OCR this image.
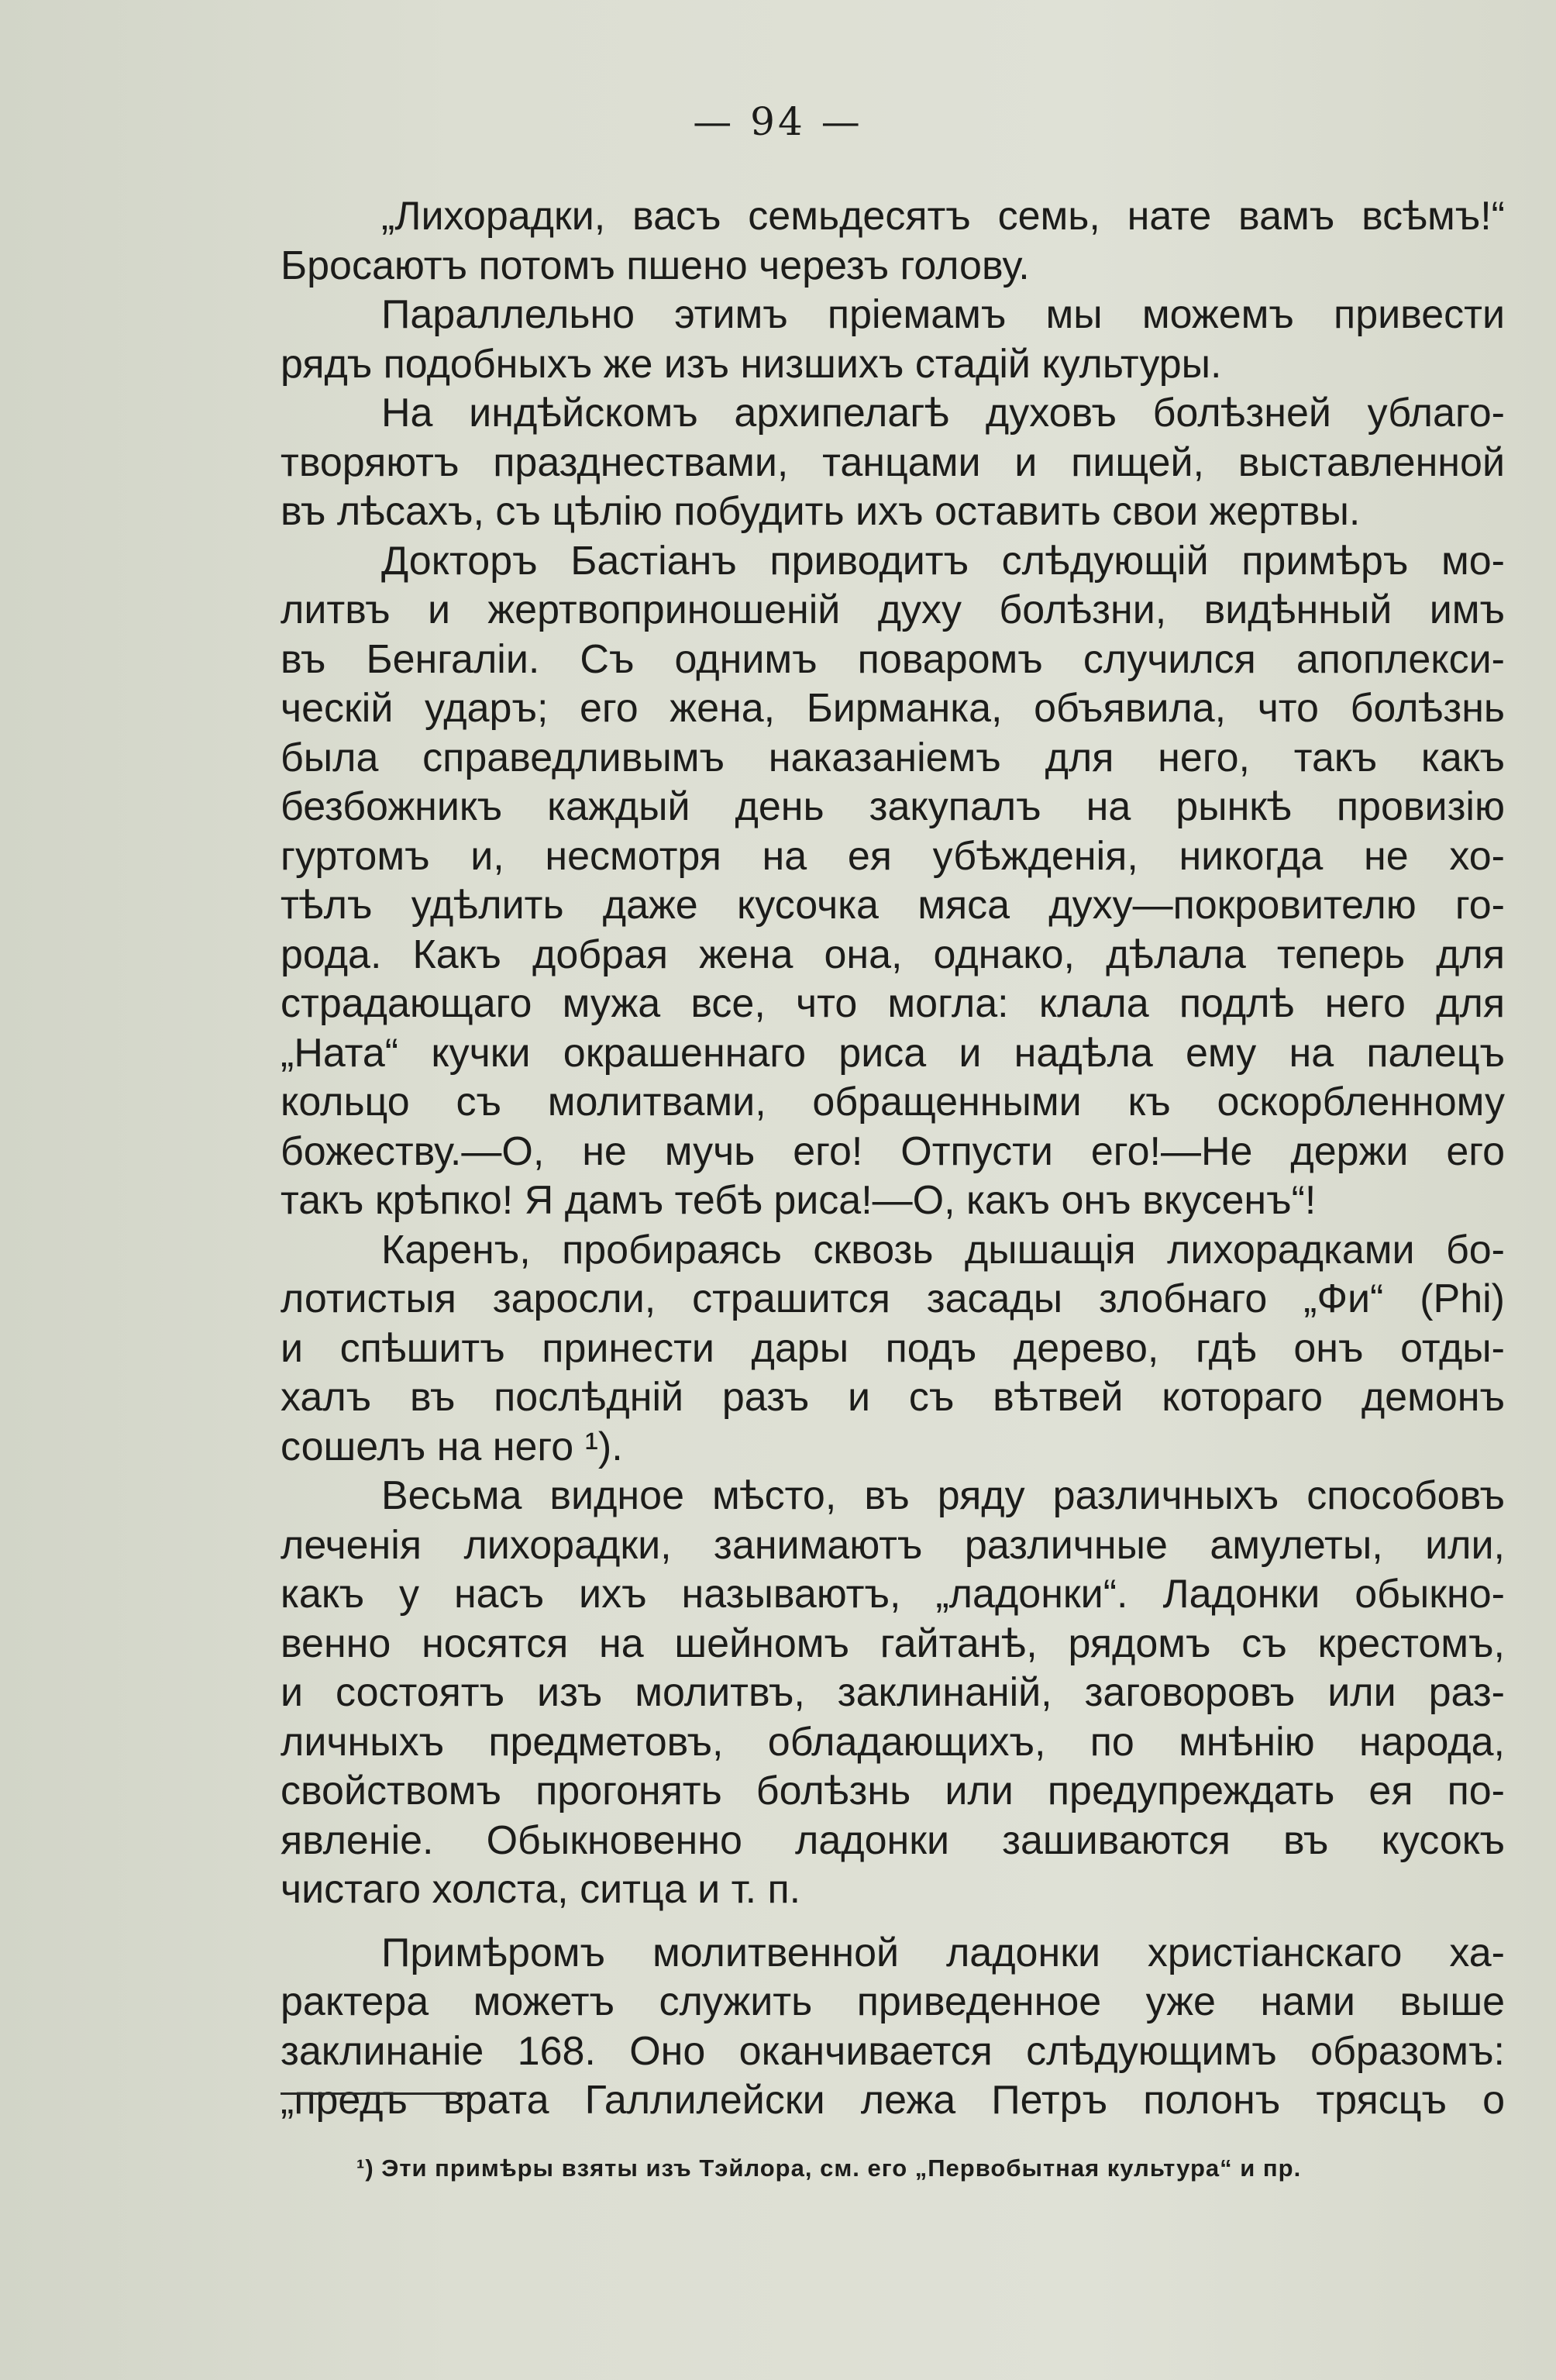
— 94 —
„Лихорадки, васъ семьдесятъ семь, нате вамъ всѣмъ!“
Бросаютъ потомъ пшено черезъ голову.
Параллельно этимъ пріемамъ мы можемъ привести
рядъ подобныхъ же изъ низшихъ стадій культуры.
На индѣйскомъ архипелагѣ духовъ болѣзней ублаго-
творяютъ празднествами, танцами и пищей, выставленной
въ лѣсахъ, съ цѣлію побудить ихъ оставить свои жертвы.
Докторъ Бастіанъ приводитъ слѣдующій примѣръ мо-
литвъ и жертвоприношеній духу болѣзни, видѣнный имъ
въ Бенгаліи. Съ однимъ поваромъ случился апоплекси-
ческій ударъ; его жена, Бирманка, объявила, что болѣзнь
была справедливымъ наказаніемъ для него, такъ какъ
безбожникъ каждый день закупалъ на рынкѣ провизію
гуртомъ и, несмотря на ея убѣжденія, никогда не хо-
тѣлъ удѣлить даже кусочка мяса духу—покровителю го-
рода. Какъ добрая жена она, однако, дѣлала теперь для
страдающаго мужа все, что могла: клала подлѣ него для
„Ната“ кучки окрашеннаго риса и надѣла ему на палецъ
кольцо съ молитвами, обращенными къ оскорбленному
божеству.—О, не мучь его! Отпусти его!—Не держи его
такъ крѣпко! Я дамъ тебѣ риса!—О, какъ онъ вкусенъ“!
Каренъ, пробираясь сквозь дышащія лихорадками бо-
лотистыя заросли, страшится засады злобнаго „Фи“ (Phi)
и спѣшитъ принести дары подъ дерево, гдѣ онъ отды-
халъ въ послѣдній разъ и съ вѣтвей котораго демонъ
сошелъ на него ¹).
Весьма видное мѣсто, въ ряду различныхъ способовъ
леченія лихорадки, занимаютъ различные амулеты, или,
какъ у насъ ихъ называютъ, „ладонки“. Ладонки обыкно-
венно носятся на шейномъ гайтанѣ, рядомъ съ крестомъ,
и состоятъ изъ молитвъ, заклинаній, заговоровъ или раз-
личныхъ предметовъ, обладающихъ, по мнѣнію народа,
свойствомъ прогонять болѣзнь или предупреждать ея по-
явленіе. Обыкновенно ладонки зашиваются въ кусокъ
чистаго холста, ситца и т. п.
Примѣромъ молитвенной ладонки христіанскаго ха-
рактера можетъ служить приведенное уже нами выше
заклинаніе 168. Оно оканчивается слѣдующимъ образомъ:
„предъ врата Галлилейски лежа Петръ полонъ трясцъ о
¹) Эти примѣры взяты изъ Тэйлора, см. его „Первобытная культура“ и пр.
